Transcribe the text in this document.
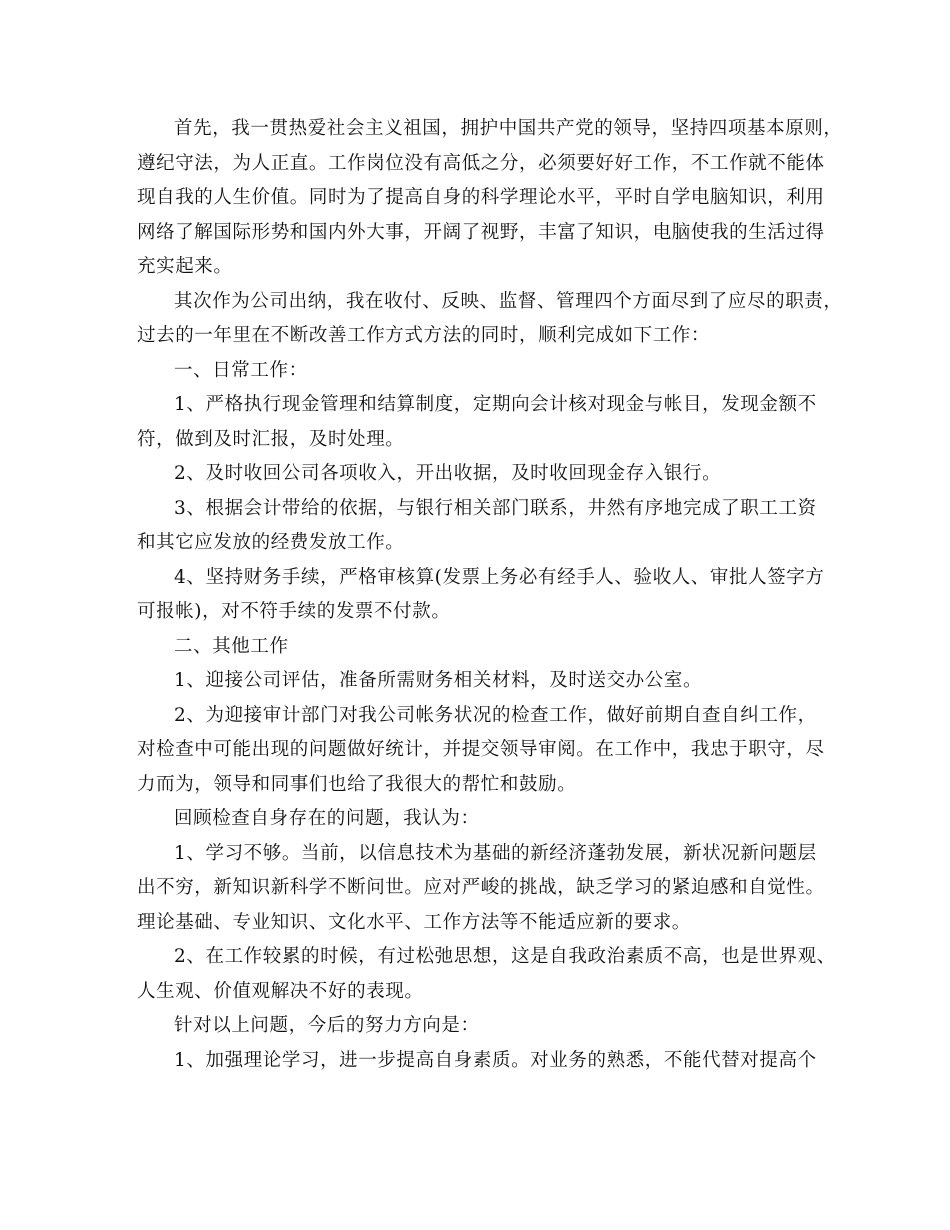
首先，我一贯热爱社会主义祖国，拥护中国共产党的领导，坚持四项基本原则，
遵纪守法，为人正直。工作岗位没有高低之分，必须要好好工作，不工作就不能体
现自我的人生价值。同时为了提高自身的科学理论水平，平时自学电脑知识，利用
网络了解国际形势和国内外大事，开阔了视野，丰富了知识，电脑使我的生活过得
充实起来。
其次作为公司出纳，我在收付、反映、监督、管理四个方面尽到了应尽的职责，
过去的一年里在不断改善工作方式方法的同时，顺利完成如下工作：
一、日常工作：
1、严格执行现金管理和结算制度，定期向会计核对现金与帐目，发现金额不
符，做到及时汇报，及时处理。
2、及时收回公司各项收入，开出收据，及时收回现金存入银行。
3、根据会计带给的依据，与银行相关部门联系，井然有序地完成了职工工资
和其它应发放的经费发放工作。
4、坚持财务手续，严格审核算(发票上务必有经手人、验收人、审批人签字方
可报帐)，对不符手续的发票不付款。
二、其他工作
1、迎接公司评估，准备所需财务相关材料，及时送交办公室。
2、为迎接审计部门对我公司帐务状况的检查工作，做好前期自查自纠工作，
对检查中可能出现的问题做好统计，并提交领导审阅。在工作中，我忠于职守，尽
力而为，领导和同事们也给了我很大的帮忙和鼓励。
回顾检查自身存在的问题，我认为：
1、学习不够。当前，以信息技术为基础的新经济蓬勃发展，新状况新问题层
出不穷，新知识新科学不断问世。应对严峻的挑战，缺乏学习的紧迫感和自觉性。
理论基础、专业知识、文化水平、工作方法等不能适应新的要求。
2、在工作较累的时候，有过松弛思想，这是自我政治素质不高，也是世界观、
人生观、价值观解决不好的表现。
针对以上问题，今后的努力方向是：
1、加强理论学习，进一步提高自身素质。对业务的熟悉，不能代替对提高个
